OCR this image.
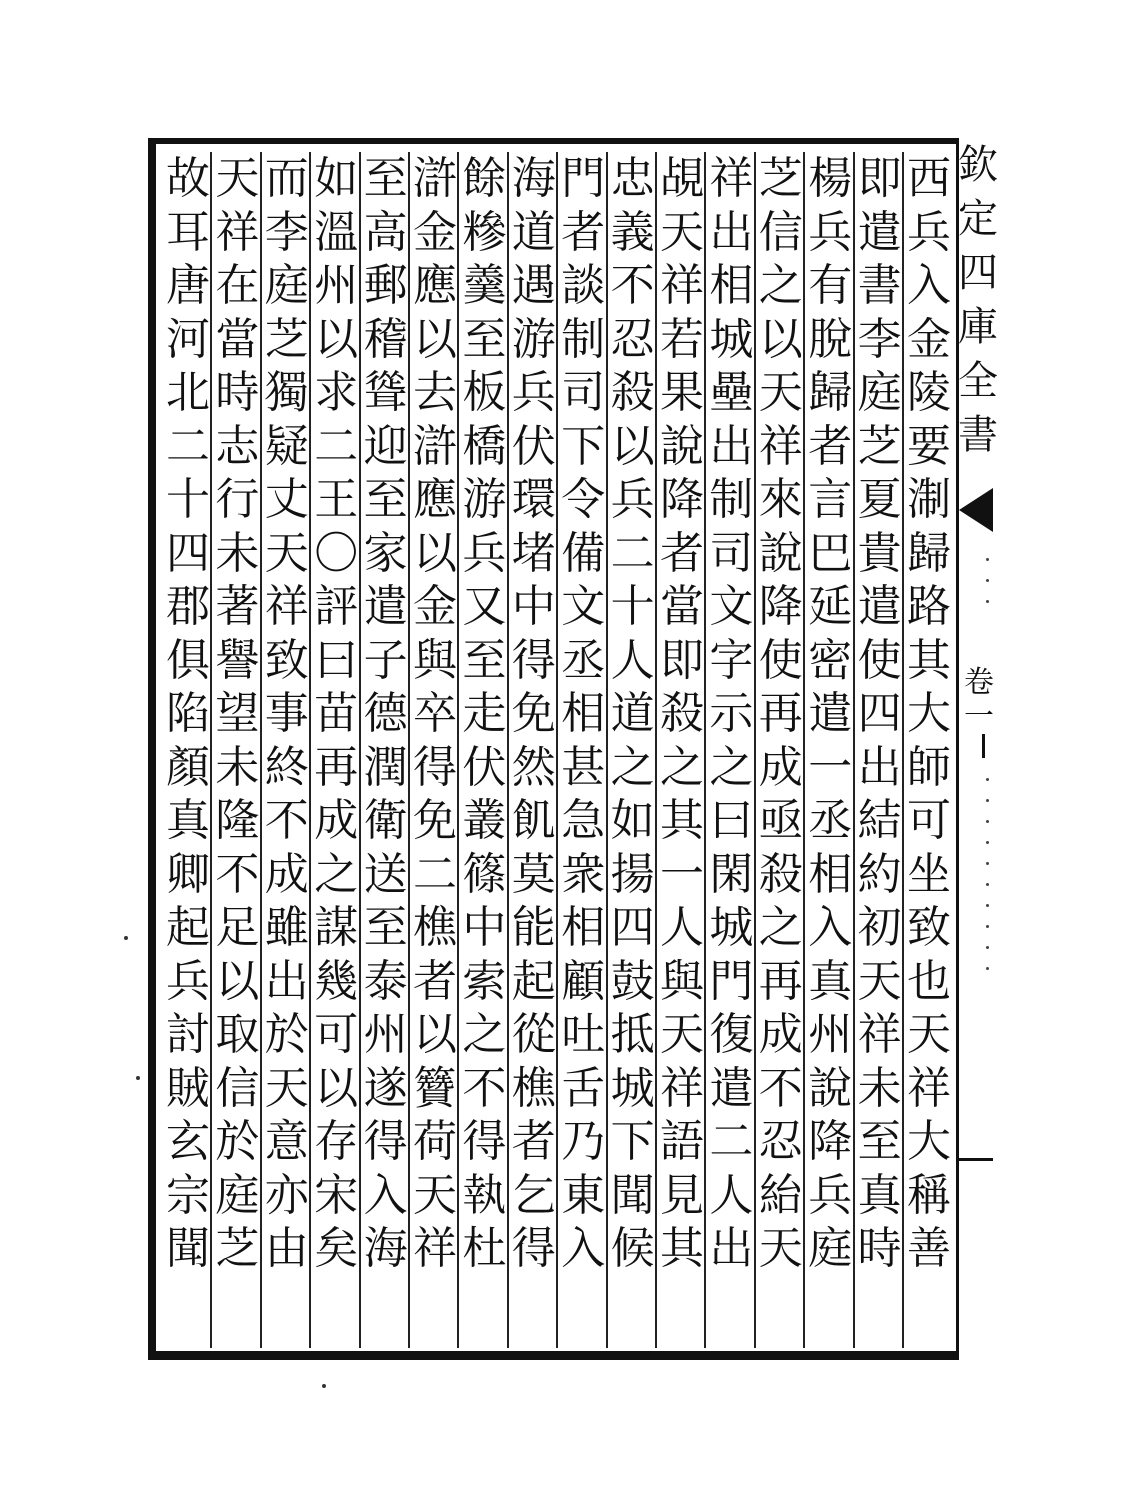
西
兵
入
金
陵
要
淛
歸
路
其
大
師
可
坐
致
也
天
祥
大
稱
善
即
遣
書
李
庭
芝
夏
貴
遣
使
四
出
結
約
初
天
祥
未
至
真
時
楊
兵
有
脫
歸
者
言
巴
延
密
遣
一
丞
相
入
真
州
說
降
兵
庭
芝
信
之
以
天
祥
來
說
降
使
再
成
亟
殺
之
再
成
不
忍
紿
天
祥
出
相
城
壘
出
制
司
文
字
示
之
曰
閑
城
門
復
遣
二
人
出
覘
天
祥
若
果
說
降
者
當
即
殺
之
其
一
人
與
天
祥
語
見
其
忠
義
不
忍
殺
以
兵
二
十
人
道
之
如
揚
四
鼓
抵
城
下
聞
候
門
者
談
制
司
下
令
備
文
丞
相
甚
急
衆
相
顧
吐
舌
乃
東
入
海
道
遇
游
兵
伏
環
堵
中
得
免
然
飢
莫
能
起
從
樵
者
乞
得
餘
糝
羹
至
板
橋
游
兵
又
至
走
伏
叢
篠
中
索
之
不
得
執
杜
滸
金
應
以
去
滸
應
以
金
與
卒
得
免
二
樵
者
以
籫
荷
天
祥
至
高
郵
稽
聳
迎
至
家
遣
子
德
潤
衛
送
至
泰
州
遂
得
入
海
如
溫
州
以
求
二
王
〇
評
曰
苗
再
成
之
謀
幾
可
以
存
宋
矣
而
李
庭
芝
獨
疑
丈
天
祥
致
事
終
不
成
雖
出
於
天
意
亦
由
天
祥
在
當
時
志
行
未
著
譽
望
未
隆
不
足
以
取
信
於
庭
芝
故
耳
唐
河
北
二
十
四
郡
俱
陷
顏
真
卿
起
兵
討
賊
玄
宗
聞
欽
定
四
庫
全
書
卷
一
